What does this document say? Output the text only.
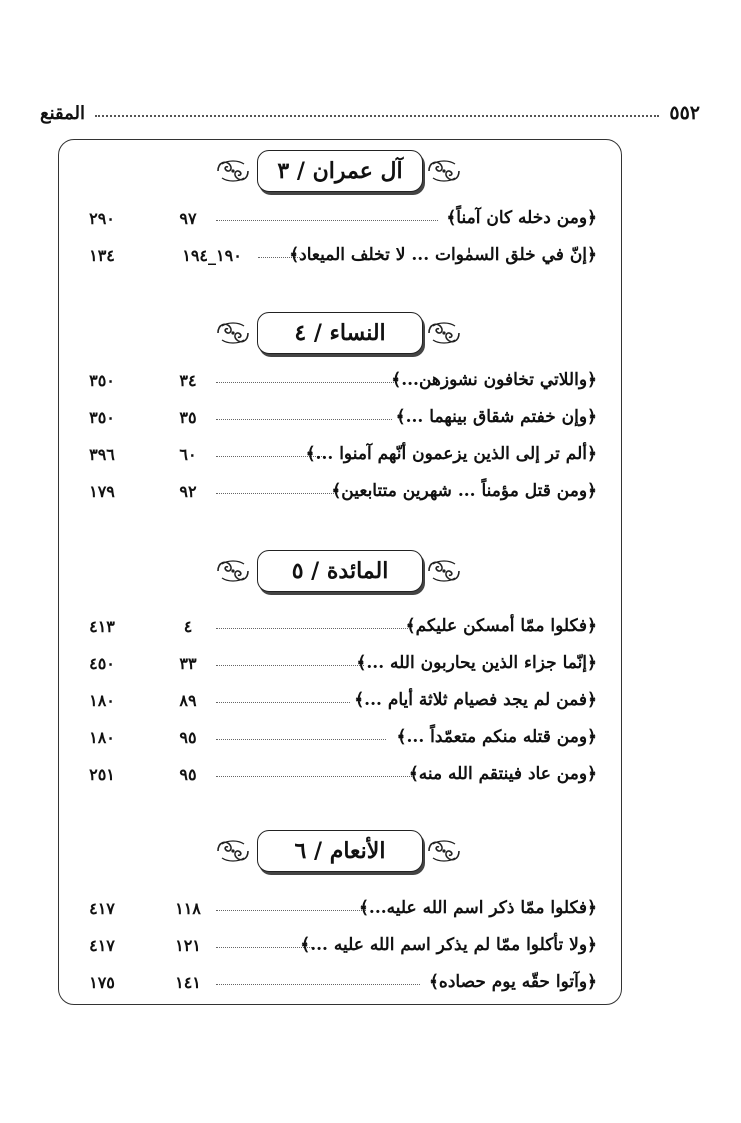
٥٥٢
المقنع
آل عمران / ٣
٢٩٠	٩٧	﴿ومن دخله كان آمناً﴾
١٣٤	١٩٠_١٩٤	﴿إنّ في خلق السمٰوات ... لا تخلف الميعاد﴾
النساء / ٤
٣٥٠	٣٤	﴿واللاتي تخافون نشوزهن...﴾
٣٥٠	٣٥	﴿وإن خفتم شقاق بينهما ...﴾
٣٩٦	٦٠	﴿ألم تر إلى الذين يزعمون أنّهم آمنوا ...﴾
١٧٩	٩٢	﴿ومن قتل مؤمناً ... شهرين متتابعين﴾
المائدة / ٥
٤١٣	٤	﴿فكلوا ممّا أمسكن عليكم﴾
٤٥٠	٣٣	﴿إنّما جزاء الذين يحاربون الله ...﴾
١٨٠	٨٩	﴿فمن لم يجد فصيام ثلاثة أيام ...﴾
١٨٠	٩٥	﴿ومن قتله منكم متعمّداً ...﴾
٢٥١	٩٥	﴿ومن عاد فينتقم الله منه﴾
الأنعام / ٦
٤١٧	١١٨	﴿فكلوا ممّا ذكر اسم الله عليه...﴾
٤١٧	١٢١	﴿ولا تأكلوا ممّا لم يذكر اسم الله عليه ...﴾
١٧٥	١٤١	﴿وآتوا حقّه يوم حصاده﴾
